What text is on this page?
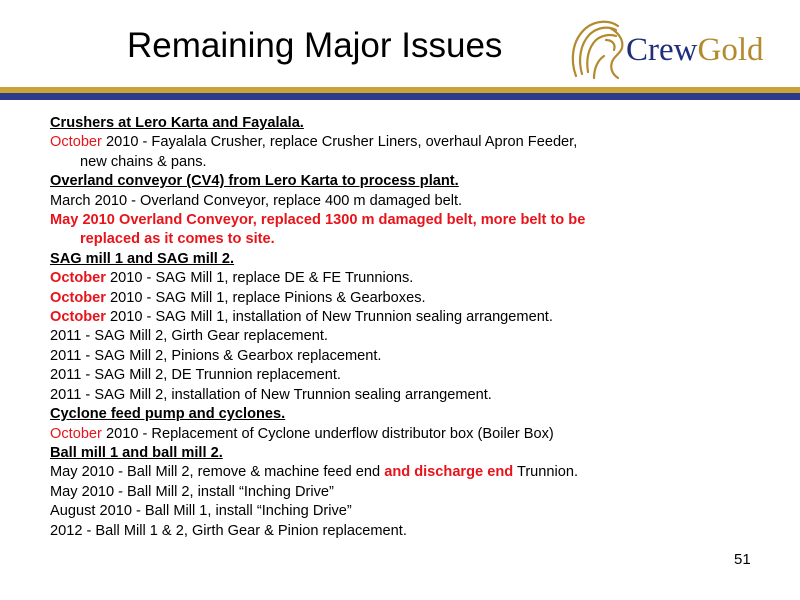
Remaining Major Issues	CrewGold
Crushers at Lero Karta and Fayalala.
October 2010 - Fayalala Crusher, replace Crusher Liners, overhaul Apron Feeder,
new chains & pans.
Overland conveyor (CV4) from Lero Karta to process plant.
March 2010 - Overland Conveyor, replace 400 m damaged belt.
May 2010 Overland Conveyor, replaced 1300 m damaged belt, more belt to be
replaced as it comes to site.
SAG mill 1 and SAG mill 2.
October 2010 - SAG Mill 1, replace DE & FE Trunnions.
October 2010 - SAG Mill 1, replace Pinions & Gearboxes.
October 2010 - SAG Mill 1, installation of New Trunnion sealing arrangement.
2011 - SAG Mill 2, Girth Gear replacement.
2011 - SAG Mill 2, Pinions & Gearbox replacement.
2011 - SAG Mill 2, DE Trunnion replacement.
2011 - SAG Mill 2, installation of New Trunnion sealing arrangement.
Cyclone feed pump and cyclones.
October 2010 - Replacement of Cyclone underflow distributor box (Boiler Box)
Ball mill 1 and ball mill 2.
May 2010 - Ball Mill 2, remove & machine feed end and discharge end Trunnion.
May 2010 - Ball Mill 2, install “Inching Drive”
August 2010 - Ball Mill 1, install “Inching Drive”
2012 - Ball Mill 1 & 2, Girth Gear & Pinion replacement.
51
